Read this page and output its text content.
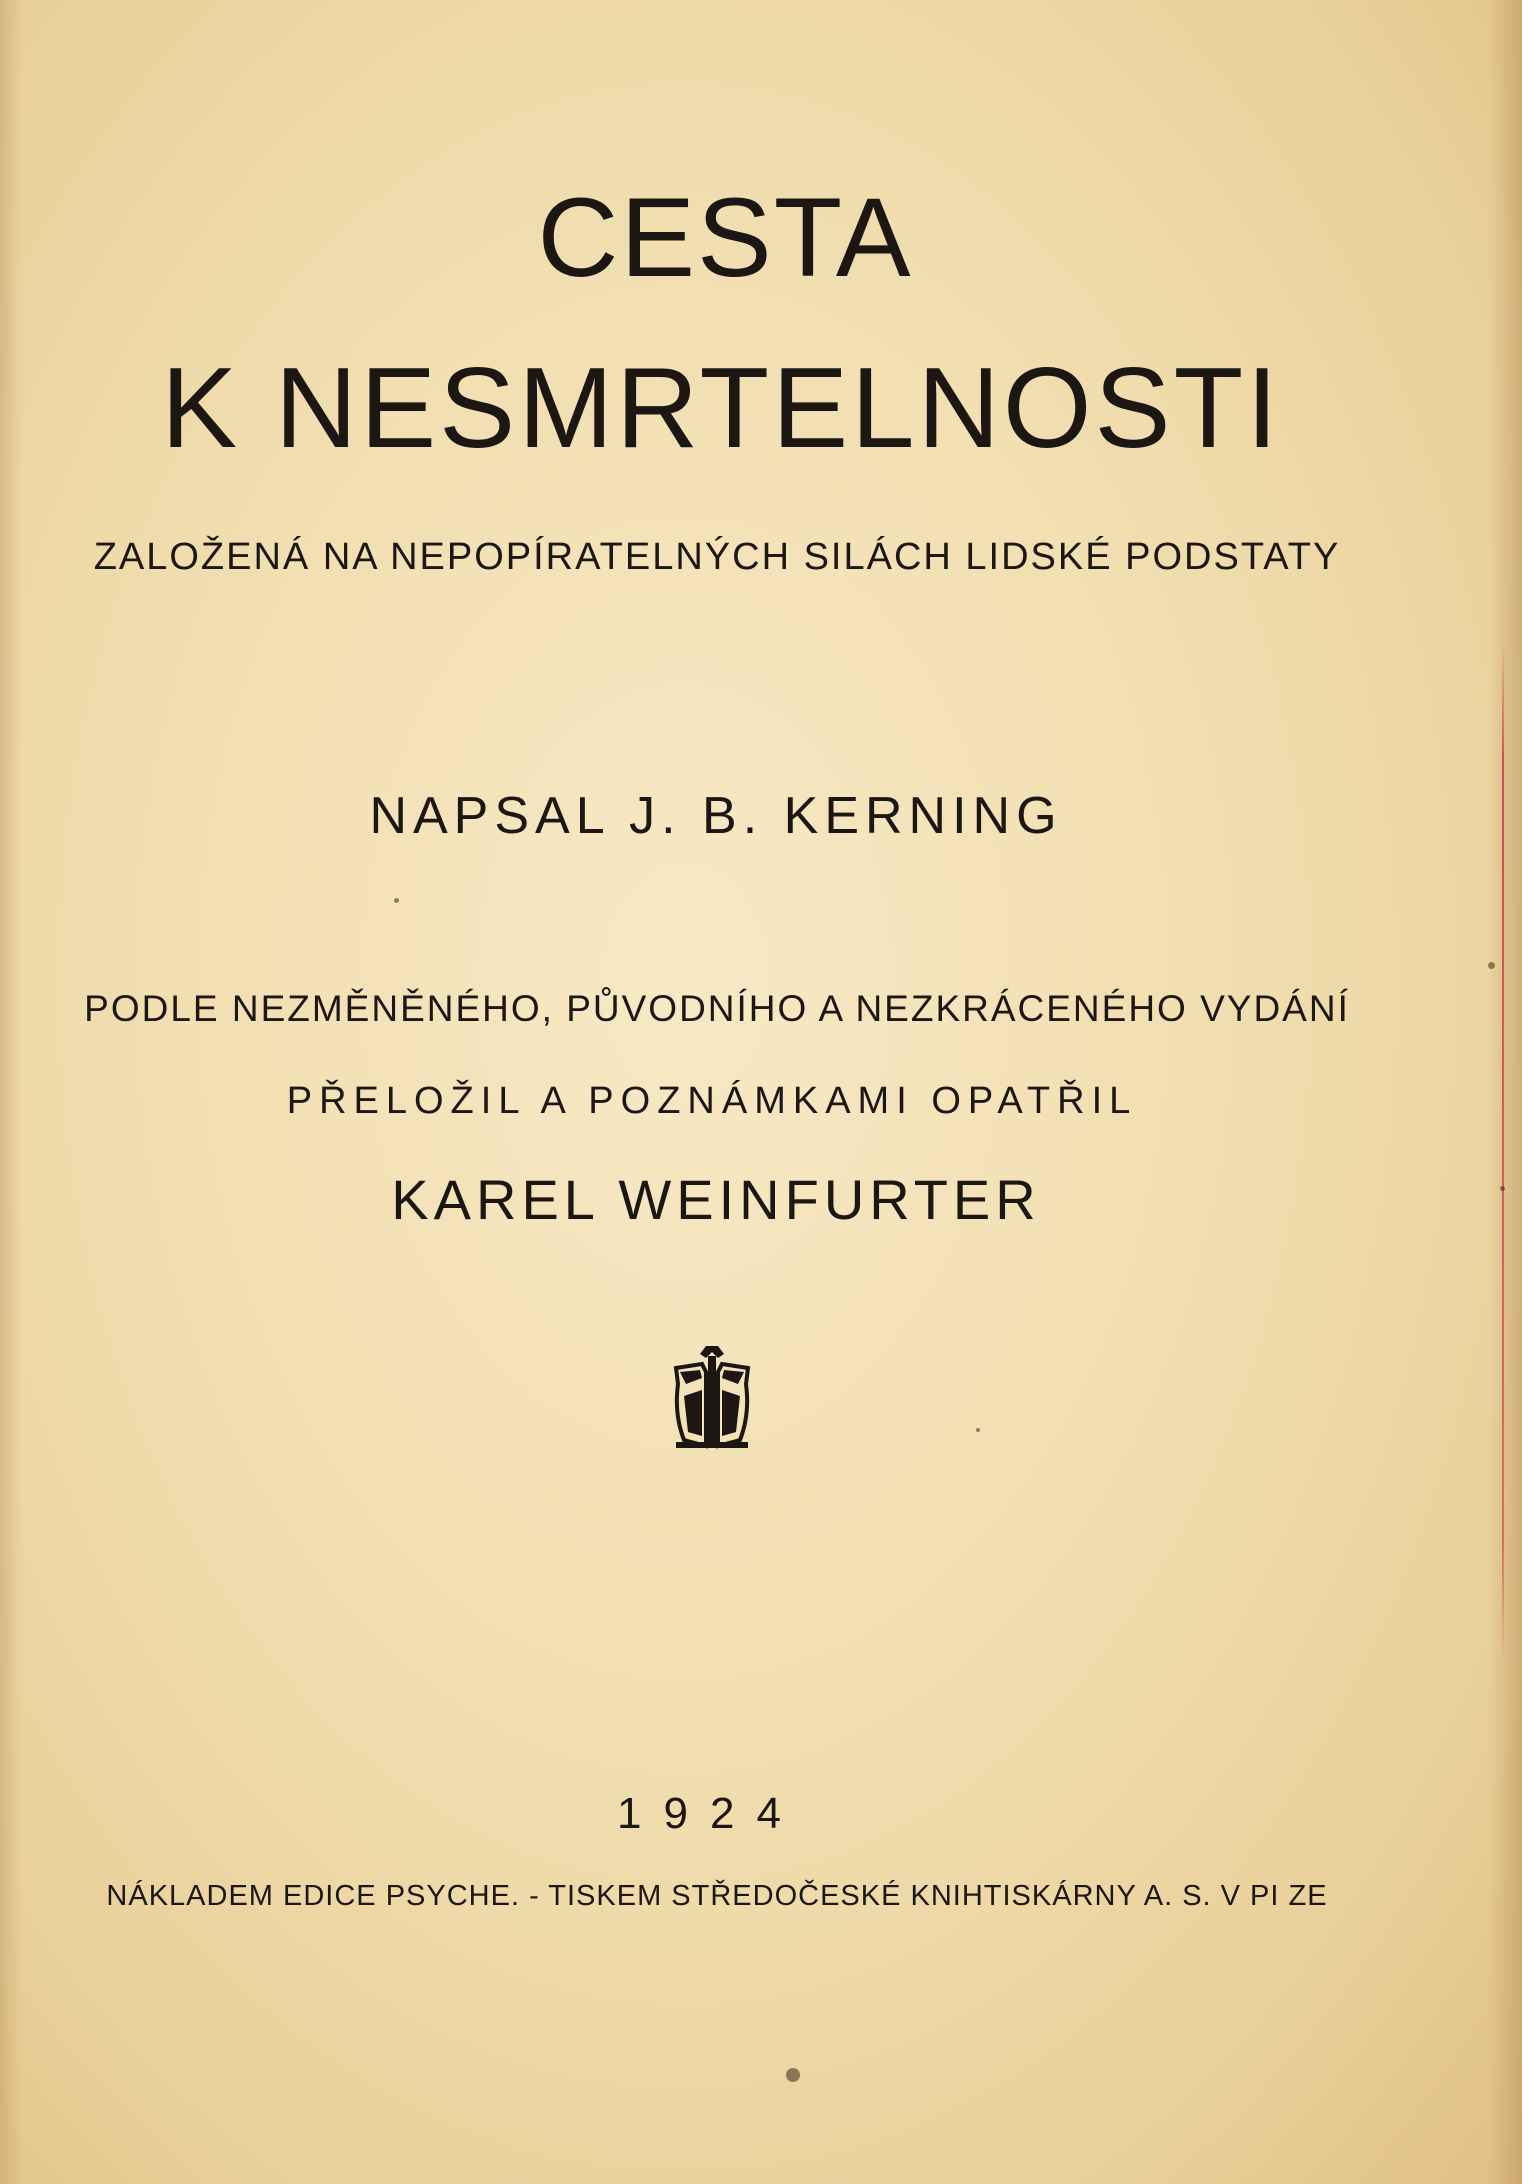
CESTA
K NESMRTELNOSTI
ZALOŽENÁ NA NEPOPÍRATELNÝCH SILÁCH LIDSKÉ PODSTATY
NAPSAL J. B. KERNING
PODLE NEZMĚNĚNÉHO, PŮVODNÍHO A NEZKRÁCENÉHO VYDÁNÍ
PŘELOŽIL A POZNÁMKAMI OPATŘIL
KAREL WEINFURTER
1924
NÁKLADEM EDICE PSYCHE. - TISKEM STŘEDOČESKÉ KNIHTISKÁRNY A. S. V PI ZE
